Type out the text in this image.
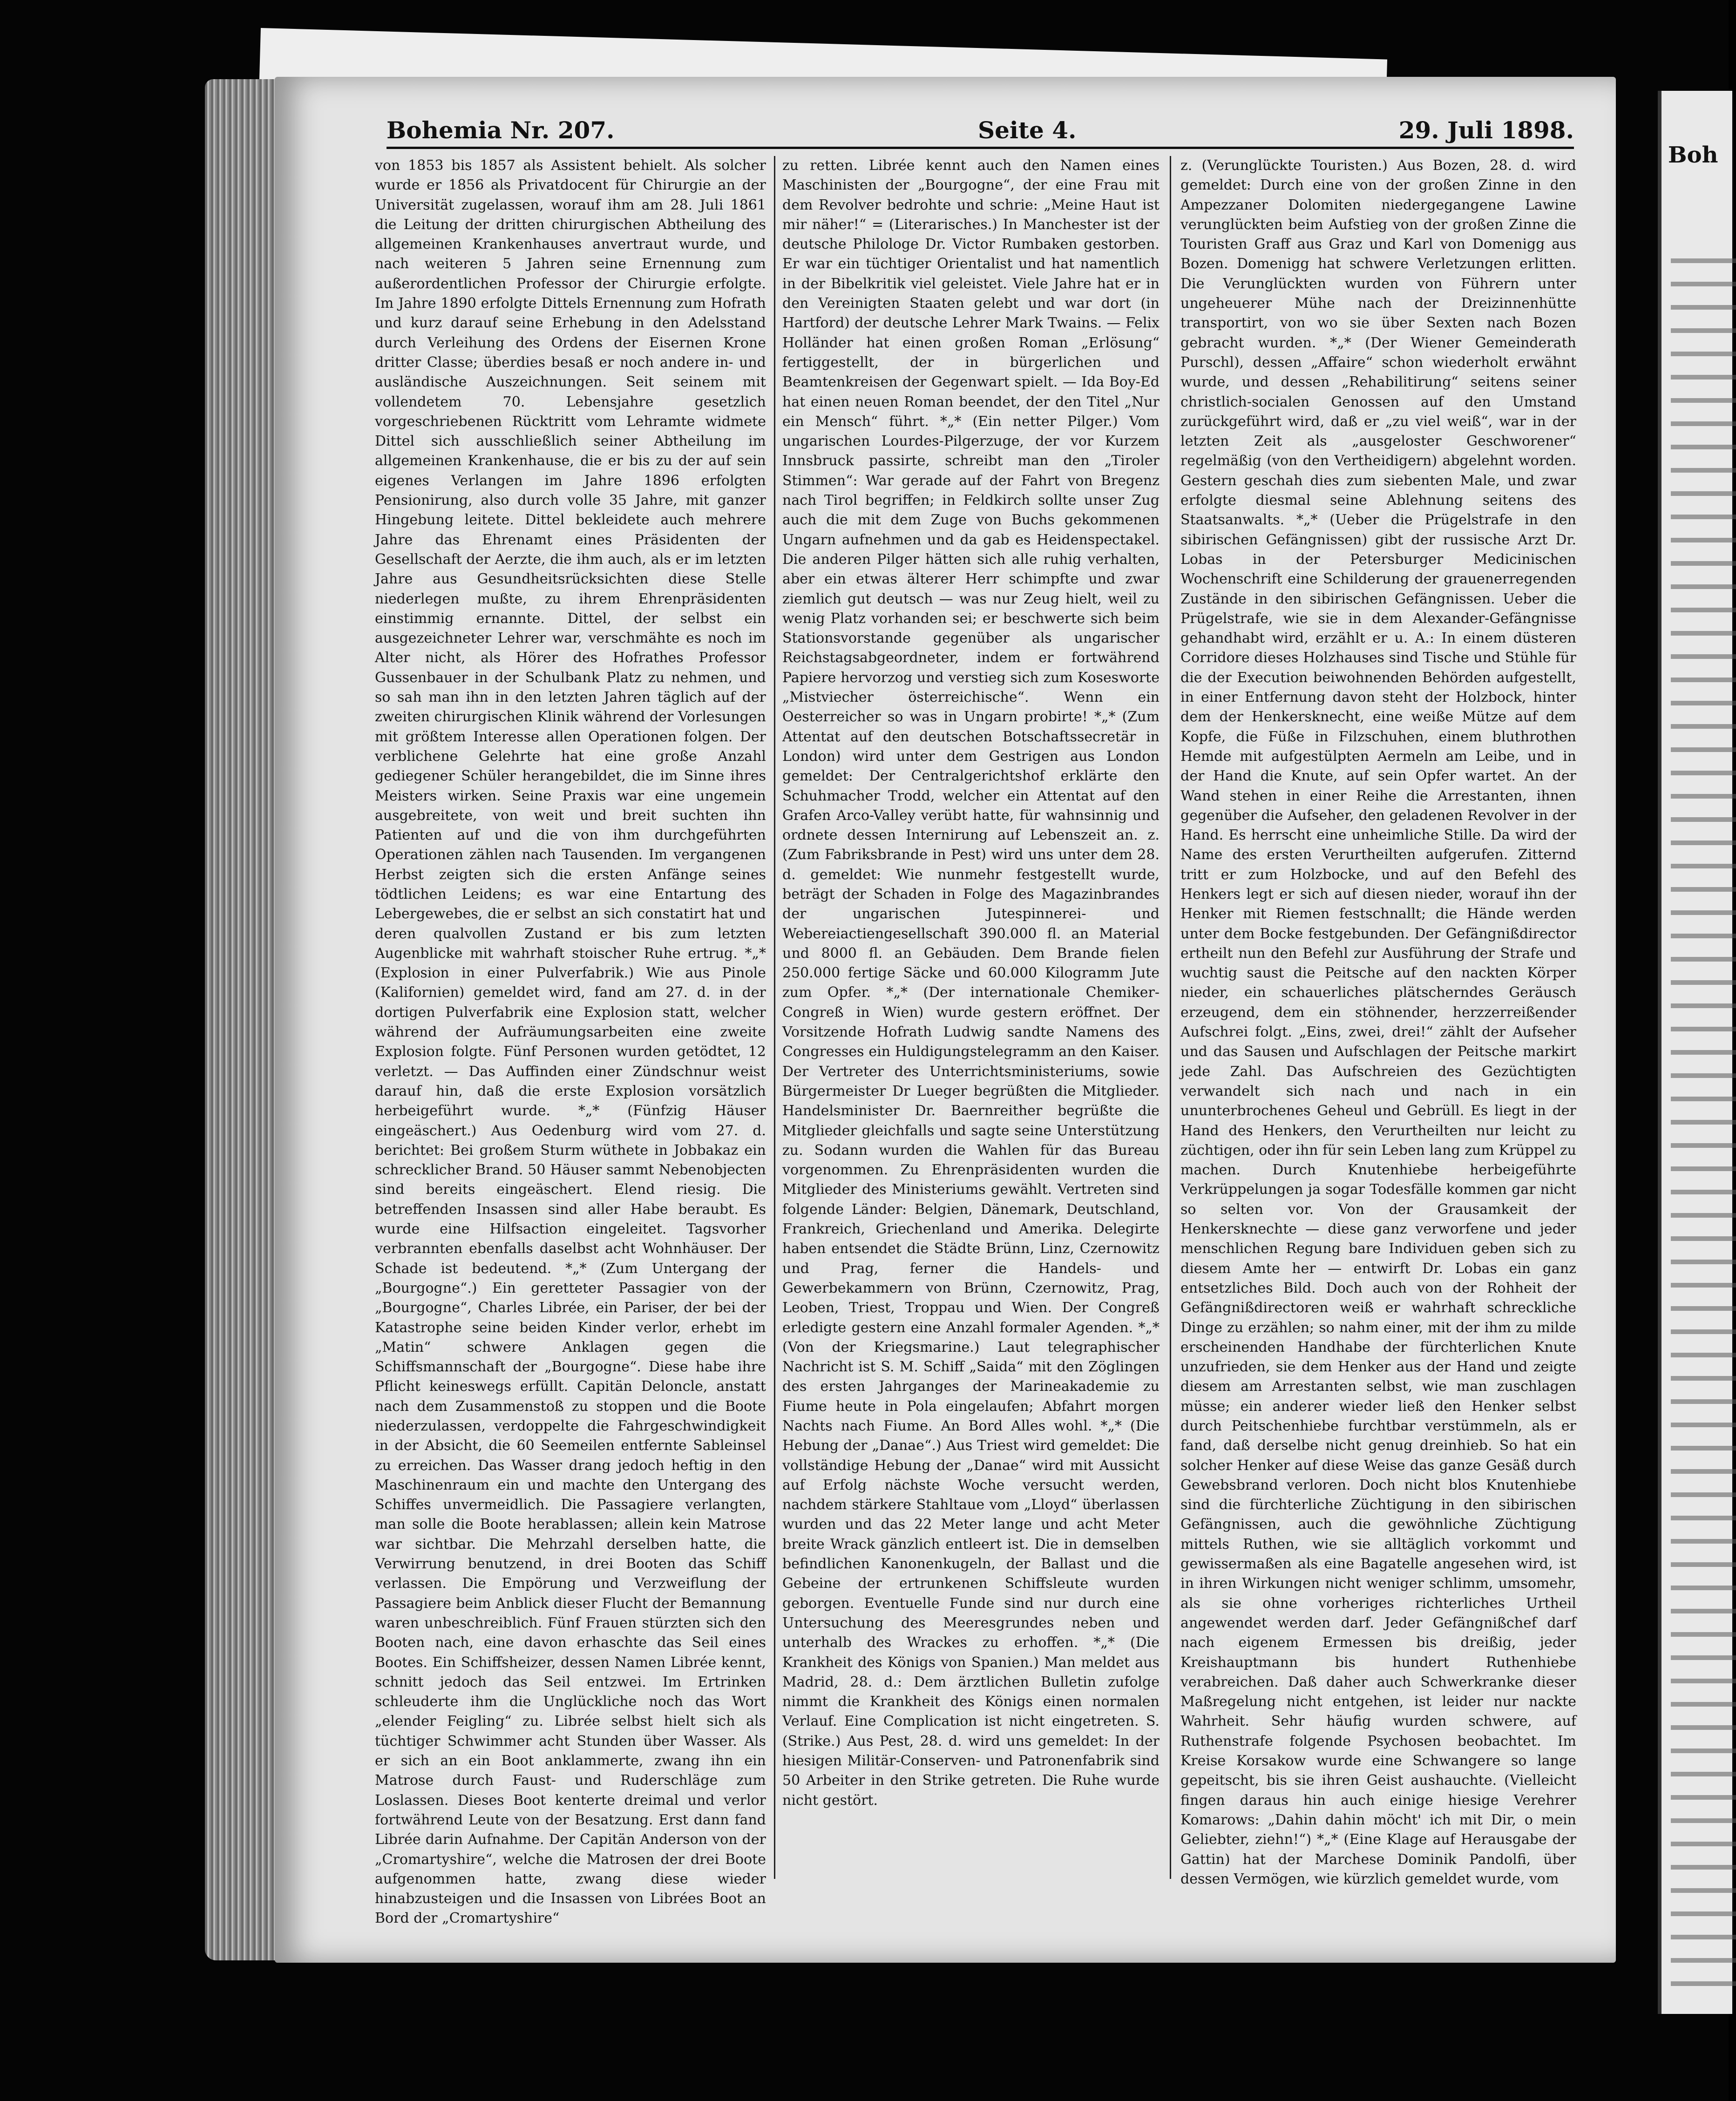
Boh
Bohemia Nr. 207.	Seite 4.	29. Juli 1898.

von 1853 bis 1857 als Assistent behielt. Als solcher wurde er 1856 als Privatdocent für Chirurgie an der Universität zugelassen, worauf ihm am 28. Juli 1861 die Leitung der dritten chirurgischen Abtheilung des allgemeinen Krankenhauses anvertraut wurde, und nach weiteren 5 Jahren seine Ernennung zum außerordentlichen Professor der Chirurgie erfolgte. Im Jahre 1890 erfolgte Dittels Ernennung zum Hofrath und kurz darauf seine Erhebung in den Adelsstand durch Verleihung des Ordens der Eisernen Krone dritter Classe; überdies besaß er noch andere in- und ausländische Auszeichnungen. Seit seinem mit vollendetem 70. Lebensjahre gesetzlich vorgeschriebenen Rücktritt vom Lehramte widmete Dittel sich ausschließlich seiner Abtheilung im allgemeinen Krankenhause, die er bis zu der auf sein eigenes Verlangen im Jahre 1896 erfolgten Pensionirung, also durch volle 35 Jahre, mit ganzer Hingebung leitete. Dittel bekleidete auch mehrere Jahre das Ehrenamt eines Präsidenten der Gesellschaft der Aerzte, die ihm auch, als er im letzten Jahre aus Gesundheitsrücksichten diese Stelle niederlegen mußte, zu ihrem Ehrenpräsidenten einstimmig ernannte. Dittel, der selbst ein ausgezeichneter Lehrer war, verschmähte es noch im Alter nicht, als Hörer des Hofrathes Professor Gussenbauer in der Schulbank Platz zu nehmen, und so sah man ihn in den letzten Jahren täglich auf der zweiten chirurgischen Klinik während der Vorlesungen mit größtem Interesse allen Operationen folgen. Der verblichene Gelehrte hat eine große Anzahl gediegener Schüler herangebildet, die im Sinne ihres Meisters wirken. Seine Praxis war eine ungemein ausgebreitete, von weit und breit suchten ihn Patienten auf und die von ihm durchgeführten Operationen zählen nach Tausenden. Im vergangenen Herbst zeigten sich die ersten Anfänge seines tödtlichen Leidens; es war eine Entartung des Lebergewebes, die er selbst an sich constatirt hat und deren qualvollen Zustand er bis zum letzten Augenblicke mit wahrhaft stoischer Ruhe ertrug. *„* (Explosion in einer Pulverfabrik.) Wie aus Pinole (Kalifornien) gemeldet wird, fand am 27. d. in der dortigen Pulverfabrik eine Explosion statt, welcher während der Aufräumungsarbeiten eine zweite Explosion folgte. Fünf Personen wurden getödtet, 12 verletzt. — Das Auffinden einer Zündschnur weist darauf hin, daß die erste Explosion vorsätzlich herbeigeführt wurde. *„* (Fünfzig Häuser eingeäschert.) Aus Oedenburg wird vom 27. d. berichtet: Bei großem Sturm wüthete in Jobbakaz ein schrecklicher Brand. 50 Häuser sammt Nebenobjecten sind bereits eingeäschert. Elend riesig. Die betreffenden Insassen sind aller Habe beraubt. Es wurde eine Hilfsaction eingeleitet. Tagsvorher verbrannten ebenfalls daselbst acht Wohnhäuser. Der Schade ist bedeutend. *„* (Zum Untergang der „Bourgogne“.) Ein geretteter Passagier von der „Bourgogne“, Charles Librée, ein Pariser, der bei der Katastrophe seine beiden Kinder verlor, erhebt im „Matin“ schwere Anklagen gegen die Schiffsmannschaft der „Bourgogne“. Diese habe ihre Pflicht keineswegs erfüllt. Capitän Deloncle, anstatt nach dem Zusammenstoß zu stoppen und die Boote niederzulassen, verdoppelte die Fahrgeschwindigkeit in der Absicht, die 60 Seemeilen entfernte Sableinsel zu erreichen. Das Wasser drang jedoch heftig in den Maschinenraum ein und machte den Untergang des Schiffes unvermeidlich. Die Passagiere verlangten, man solle die Boote herablassen; allein kein Matrose war sichtbar. Die Mehrzahl derselben hatte, die Verwirrung benutzend, in drei Booten das Schiff verlassen. Die Empörung und Verzweiflung der Passagiere beim Anblick dieser Flucht der Bemannung waren unbeschreiblich. Fünf Frauen stürzten sich den Booten nach, eine davon erhaschte das Seil eines Bootes. Ein Schiffsheizer, dessen Namen Librée kennt, schnitt jedoch das Seil entzwei. Im Ertrinken schleuderte ihm die Unglückliche noch das Wort „elender Feigling“ zu. Librée selbst hielt sich als tüchtiger Schwimmer acht Stunden über Wasser. Als er sich an ein Boot anklammerte, zwang ihn ein Matrose durch Faust- und Ruderschläge zum Loslassen. Dieses Boot kenterte dreimal und verlor fortwährend Leute von der Besatzung. Erst dann fand Librée darin Aufnahme. Der Capitän Anderson von der „Cromartyshire“, welche die Matrosen der drei Boote aufgenommen hatte, zwang diese wieder hinabzusteigen und die Insassen von Librées Boot an Bord der „Cromartyshire“

zu retten. Librée kennt auch den Namen eines Maschinisten der „Bourgogne“, der eine Frau mit dem Revolver bedrohte und schrie: „Meine Haut ist mir näher!“ = (Literarisches.) In Manchester ist der deutsche Philologe Dr. Victor Rumbaken gestorben. Er war ein tüchtiger Orientalist und hat namentlich in der Bibelkritik viel geleistet. Viele Jahre hat er in den Vereinigten Staaten gelebt und war dort (in Hartford) der deutsche Lehrer Mark Twains. — Felix Holländer hat einen großen Roman „Erlösung“ fertiggestellt, der in bürgerlichen und Beamtenkreisen der Gegenwart spielt. — Ida Boy-Ed hat einen neuen Roman beendet, der den Titel „Nur ein Mensch“ führt. *„* (Ein netter Pilger.) Vom ungarischen Lourdes-Pilgerzuge, der vor Kurzem Innsbruck passirte, schreibt man den „Tiroler Stimmen“: War gerade auf der Fahrt von Bregenz nach Tirol begriffen; in Feldkirch sollte unser Zug auch die mit dem Zuge von Buchs gekommenen Ungarn aufnehmen und da gab es Heidenspectakel. Die anderen Pilger hätten sich alle ruhig verhalten, aber ein etwas älterer Herr schimpfte und zwar ziemlich gut deutsch — was nur Zeug hielt, weil zu wenig Platz vorhanden sei; er beschwerte sich beim Stationsvorstande gegenüber als ungarischer Reichstagsabgeordneter, indem er fortwährend Papiere hervorzog und verstieg sich zum Kosesworte „Mistviecher österreichische“. Wenn ein Oesterreicher so was in Ungarn probirte! *„* (Zum Attentat auf den deutschen Botschaftssecretär in London) wird unter dem Gestrigen aus London gemeldet: Der Centralgerichtshof erklärte den Schuhmacher Trodd, welcher ein Attentat auf den Grafen Arco-Valley verübt hatte, für wahnsinnig und ordnete dessen Internirung auf Lebenszeit an. z. (Zum Fabriksbrande in Pest) wird uns unter dem 28. d. gemeldet: Wie nunmehr festgestellt wurde, beträgt der Schaden in Folge des Magazinbrandes der ungarischen Jutespinnerei- und Webereiactiengesellschaft 390.000 fl. an Material und 8000 fl. an Gebäuden. Dem Brande fielen 250.000 fertige Säcke und 60.000 Kilogramm Jute zum Opfer. *„* (Der internationale Chemiker-Congreß in Wien) wurde gestern eröffnet. Der Vorsitzende Hofrath Ludwig sandte Namens des Congresses ein Huldigungstelegramm an den Kaiser. Der Vertreter des Unterrichtsministeriums, sowie Bürgermeister Dr Lueger begrüßten die Mitglieder. Handelsminister Dr. Baernreither begrüßte die Mitglieder gleichfalls und sagte seine Unterstützung zu. Sodann wurden die Wahlen für das Bureau vorgenommen. Zu Ehrenpräsidenten wurden die Mitglieder des Ministeriums gewählt. Vertreten sind folgende Länder: Belgien, Dänemark, Deutschland, Frankreich, Griechenland und Amerika. Delegirte haben entsendet die Städte Brünn, Linz, Czernowitz und Prag, ferner die Handels- und Gewerbekammern von Brünn, Czernowitz, Prag, Leoben, Triest, Troppau und Wien. Der Congreß erledigte gestern eine Anzahl formaler Agenden. *„* (Von der Kriegsmarine.) Laut telegraphischer Nachricht ist S. M. Schiff „Saida“ mit den Zöglingen des ersten Jahrganges der Marineakademie zu Fiume heute in Pola eingelaufen; Abfahrt morgen Nachts nach Fiume. An Bord Alles wohl. *„* (Die Hebung der „Danae“.) Aus Triest wird gemeldet: Die vollständige Hebung der „Danae“ wird mit Aussicht auf Erfolg nächste Woche versucht werden, nachdem stärkere Stahltaue vom „Lloyd“ überlassen wurden und das 22 Meter lange und acht Meter breite Wrack gänzlich entleert ist. Die in demselben befindlichen Kanonenkugeln, der Ballast und die Gebeine der ertrunkenen Schiffsleute wurden geborgen. Eventuelle Funde sind nur durch eine Untersuchung des Meeresgrundes neben und unterhalb des Wrackes zu erhoffen. *„* (Die Krankheit des Königs von Spanien.) Man meldet aus Madrid, 28. d.: Dem ärztlichen Bulletin zufolge nimmt die Krankheit des Königs einen normalen Verlauf. Eine Complication ist nicht eingetreten. S. (Strike.) Aus Pest, 28. d. wird uns gemeldet: In der hiesigen Militär-Conserven- und Patronenfabrik sind 50 Arbeiter in den Strike getreten. Die Ruhe wurde nicht gestört.

z. (Verunglückte Touristen.) Aus Bozen, 28. d. wird gemeldet: Durch eine von der großen Zinne in den Ampezzaner Dolomiten niedergegangene Lawine verunglückten beim Aufstieg von der großen Zinne die Touristen Graff aus Graz und Karl von Domenigg aus Bozen. Domenigg hat schwere Verletzungen erlitten. Die Verunglückten wurden von Führern unter ungeheuerer Mühe nach der Dreizinnenhütte transportirt, von wo sie über Sexten nach Bozen gebracht wurden. *„* (Der Wiener Gemeinderath Purschl), dessen „Affaire“ schon wiederholt erwähnt wurde, und dessen „Rehabilitirung“ seitens seiner christlich-socialen Genossen auf den Umstand zurückgeführt wird, daß er „zu viel weiß“, war in der letzten Zeit als „ausgeloster Geschworener“ regelmäßig (von den Vertheidigern) abgelehnt worden. Gestern geschah dies zum siebenten Male, und zwar erfolgte diesmal seine Ablehnung seitens des Staatsanwalts. *„* (Ueber die Prügelstrafe in den sibirischen Gefängnissen) gibt der russische Arzt Dr. Lobas in der Petersburger Medicinischen Wochenschrift eine Schilderung der grauenerregenden Zustände in den sibirischen Gefängnissen. Ueber die Prügelstrafe, wie sie in dem Alexander-Gefängnisse gehandhabt wird, erzählt er u. A.: In einem düsteren Corridore dieses Holzhauses sind Tische und Stühle für die der Execution beiwohnenden Behörden aufgestellt, in einer Entfernung davon steht der Holzbock, hinter dem der Henkersknecht, eine weiße Mütze auf dem Kopfe, die Füße in Filzschuhen, einem bluthrothen Hemde mit aufgestülpten Aermeln am Leibe, und in der Hand die Knute, auf sein Opfer wartet. An der Wand stehen in einer Reihe die Arrestanten, ihnen gegenüber die Aufseher, den geladenen Revolver in der Hand. Es herrscht eine unheimliche Stille. Da wird der Name des ersten Verurtheilten aufgerufen. Zitternd tritt er zum Holzbocke, und auf den Befehl des Henkers legt er sich auf diesen nieder, worauf ihn der Henker mit Riemen festschnallt; die Hände werden unter dem Bocke festgebunden. Der Gefängnißdirector ertheilt nun den Befehl zur Ausführung der Strafe und wuchtig saust die Peitsche auf den nackten Körper nieder, ein schauerliches plätscherndes Geräusch erzeugend, dem ein stöhnender, herzzerreißender Aufschrei folgt. „Eins, zwei, drei!“ zählt der Aufseher und das Sausen und Aufschlagen der Peitsche markirt jede Zahl. Das Aufschreien des Gezüchtigten verwandelt sich nach und nach in ein ununterbrochenes Geheul und Gebrüll. Es liegt in der Hand des Henkers, den Verurtheilten nur leicht zu züchtigen, oder ihn für sein Leben lang zum Krüppel zu machen. Durch Knutenhiebe herbeigeführte Verkrüppelungen ja sogar Todesfälle kommen gar nicht so selten vor. Von der Grausamkeit der Henkersknechte — diese ganz verworfene und jeder menschlichen Regung bare Individuen geben sich zu diesem Amte her — entwirft Dr. Lobas ein ganz entsetzliches Bild. Doch auch von der Rohheit der Gefängnißdirectoren weiß er wahrhaft schreckliche Dinge zu erzählen; so nahm einer, mit der ihm zu milde erscheinenden Handhabe der fürchterlichen Knute unzufrieden, sie dem Henker aus der Hand und zeigte diesem am Arrestanten selbst, wie man zuschlagen müsse; ein anderer wieder ließ den Henker selbst durch Peitschenhiebe furchtbar verstümmeln, als er fand, daß derselbe nicht genug dreinhieb. So hat ein solcher Henker auf diese Weise das ganze Gesäß durch Gewebsbrand verloren. Doch nicht blos Knutenhiebe sind die fürchterliche Züchtigung in den sibirischen Gefängnissen, auch die gewöhnliche Züchtigung mittels Ruthen, wie sie alltäglich vorkommt und gewissermaßen als eine Bagatelle angesehen wird, ist in ihren Wirkungen nicht weniger schlimm, umsomehr, als sie ohne vorheriges richterliches Urtheil angewendet werden darf. Jeder Gefängnißchef darf nach eigenem Ermessen bis dreißig, jeder Kreishauptmann bis hundert Ruthenhiebe verabreichen. Daß daher auch Schwerkranke dieser Maßregelung nicht entgehen, ist leider nur nackte Wahrheit. Sehr häufig wurden schwere, auf Ruthenstrafe folgende Psychosen beobachtet. Im Kreise Korsakow wurde eine Schwangere so lange gepeitscht, bis sie ihren Geist aushauchte. (Vielleicht fingen daraus hin auch einige hiesige Verehrer Komarows: „Dahin dahin möcht' ich mit Dir, o mein Geliebter, ziehn!“) *„* (Eine Klage auf Herausgabe der Gattin) hat der Marchese Dominik Pandolfi, über dessen Vermögen, wie kürzlich gemeldet wurde, vom
